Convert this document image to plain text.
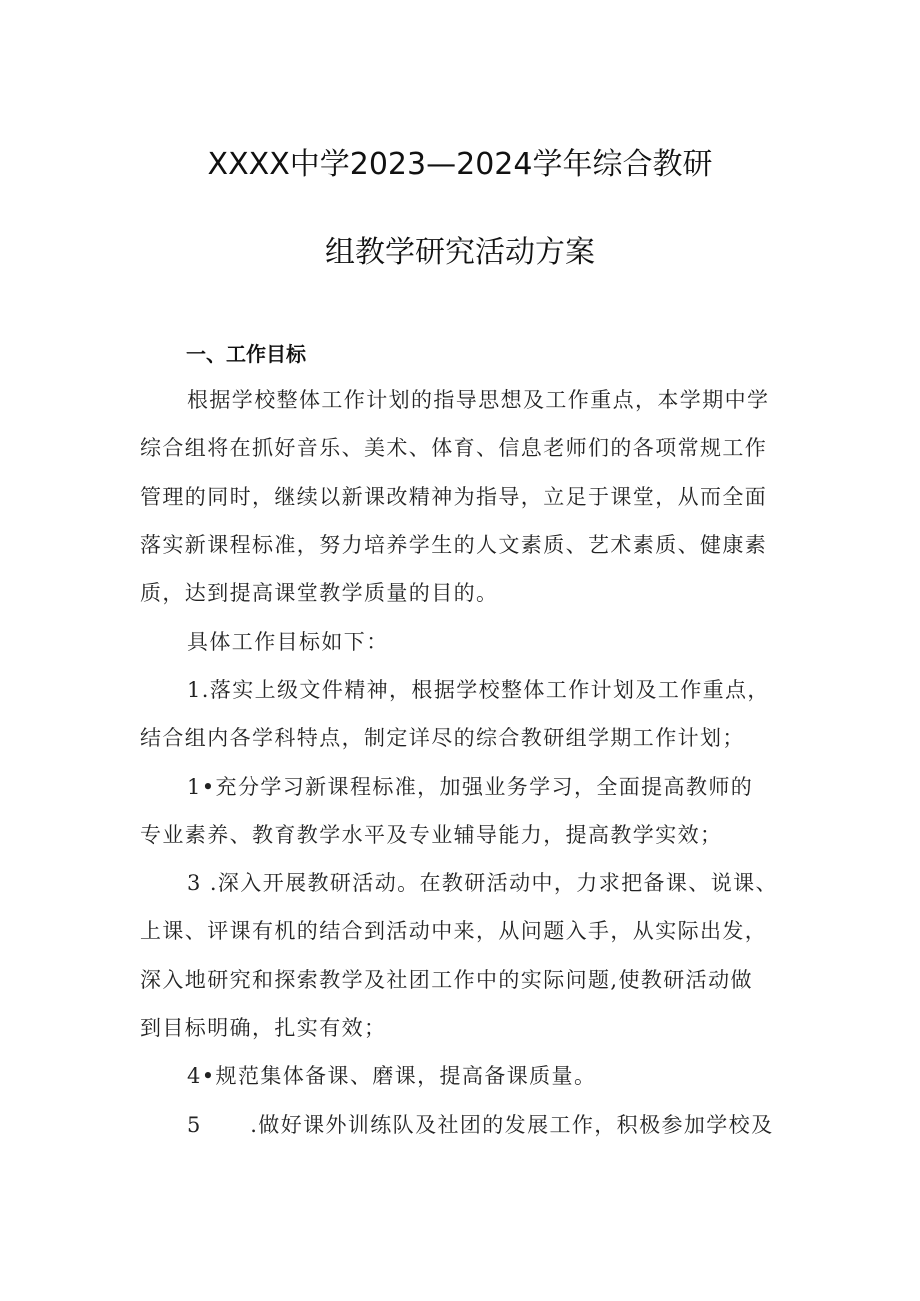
XXXX中学2023—2024学年综合教研
组教学研究活动方案
一、工作目标
根据学校整体工作计划的指导思想及工作重点，本学期中学
综合组将在抓好音乐、美术、体育、信息老师们的各项常规工作
管理的同时，继续以新课改精神为指导，立足于课堂，从而全面
落实新课程标准，努力培养学生的人文素质、艺术素质、健康素
质，达到提高课堂教学质量的目的。
具体工作目标如下：
1.落实上级文件精神，根据学校整体工作计划及工作重点，
结合组内各学科特点，制定详尽的综合教研组学期工作计划；
1•充分学习新课程标准，加强业务学习，全面提高教师的
专业素养、教育教学水平及专业辅导能力，提高教学实效；
3 .深入开展教研活动。在教研活动中，力求把备课、说课、
上课、评课有机的结合到活动中来，从问题入手，从实际出发，
深入地研究和探索教学及社团工作中的实际问题,使教研活动做
到目标明确，扎实有效；
4•规范集体备课、磨课，提高备课质量。
5      .做好课外训练队及社团的发展工作，积极参加学校及
